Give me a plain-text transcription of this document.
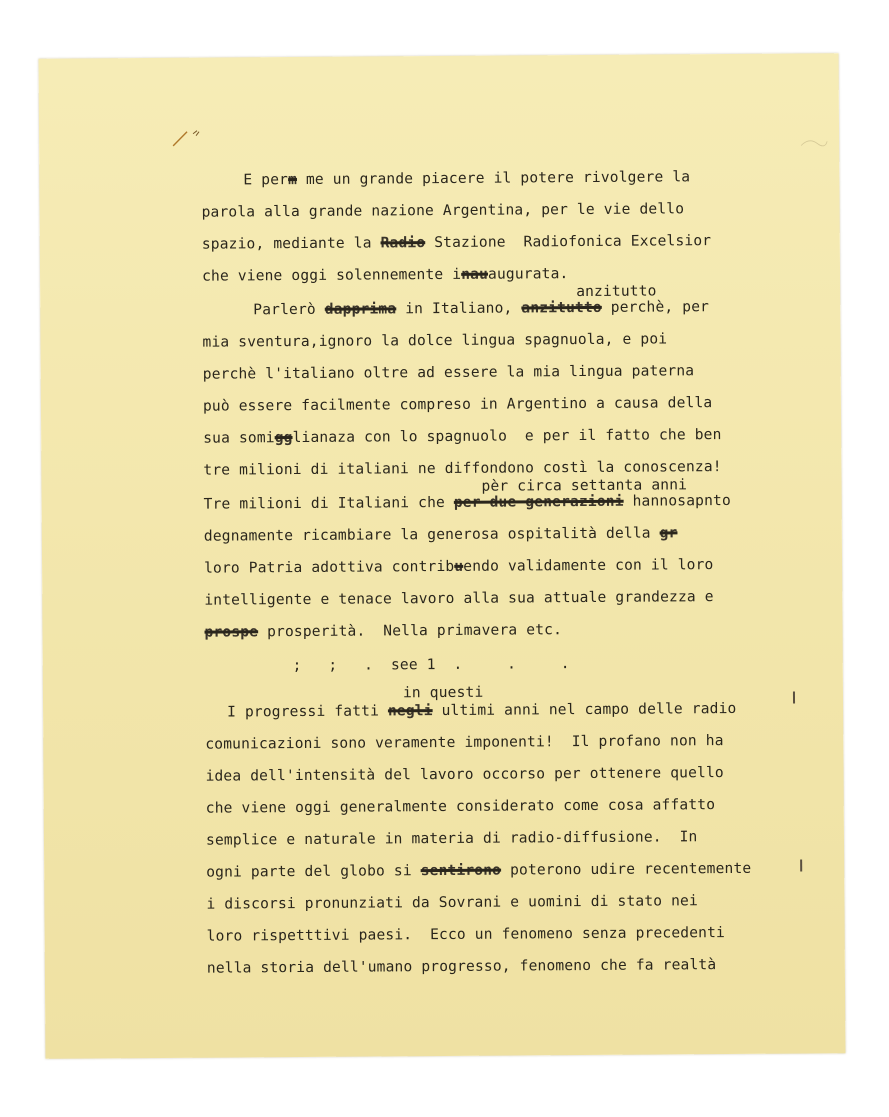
E perm me un grande piacere il potere rivolgere la
parola alla grande nazione Argentina, per le vie dello
spazio, mediante la Radio Stazione  Radiofonica Excelsior
che viene oggi solennemente inauaugurata.
anzitutto
Parlerò dapprima in Italiano, anzitutto perchè, per
mia sventura,ignoro la dolce lingua spagnuola, e poi
perchè l'italiano oltre ad essere la mia lingua paterna
può essere facilmente compreso in Argentino a causa della
sua somigglianaza con lo spagnuolo  e per il fatto che ben
tre milioni di italiani ne diffondono costì la conoscenza!
pèr circa settanta anni
Tre milioni di Italiani che per due generazioni hannosapnto
degnamente ricambiare la generosa ospitalità della gr
loro Patria adottiva contribuendo validamente con il loro
intelligente e tenace lavoro alla sua attuale grandezza e
prospe prosperità.  Nella primavera etc.
;   ;   .  see 1  .     .     .
in questi
I progressi fatti negli ultimi anni nel campo delle radio
comunicazioni sono veramente imponenti!  Il profano non ha
idea dell'intensità del lavoro occorso per ottenere quello
che viene oggi generalmente considerato come cosa affatto
semplice e naturale in materia di radio-diffusione.  In
ogni parte del globo si sentirono poterono udire recentemente
i discorsi pronunziati da Sovrani e uomini di stato nei
loro rispetttivi paesi.  Ecco un fenomeno senza precedenti
nella storia dell'umano progresso, fenomeno che fa realtà
